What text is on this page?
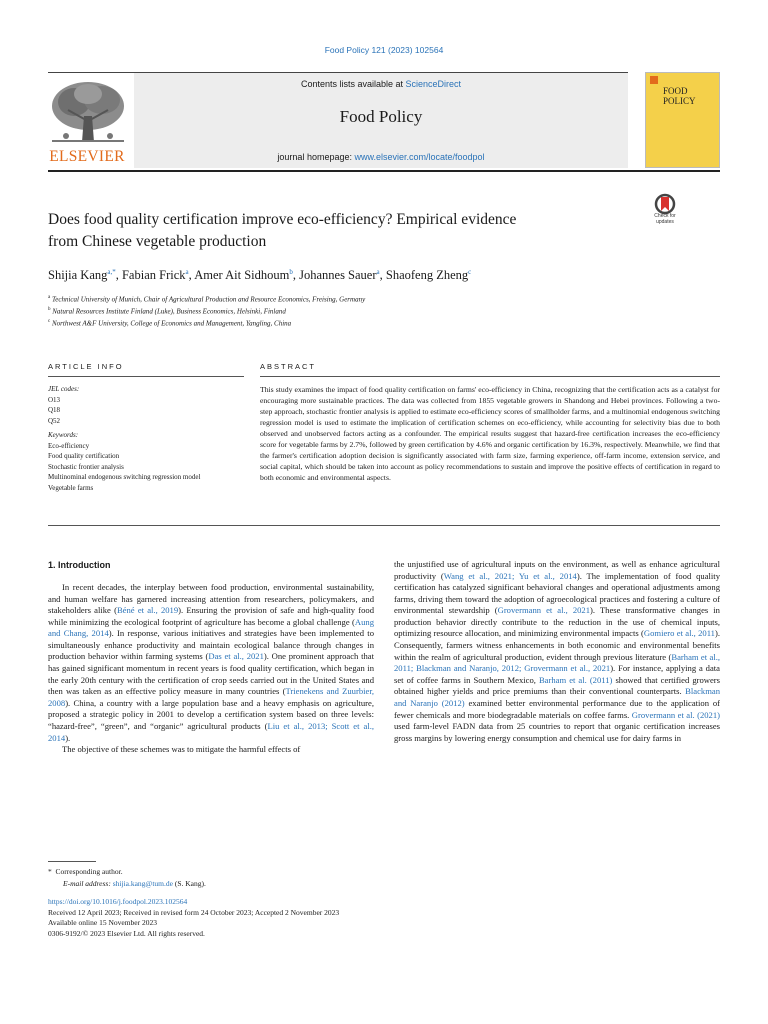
Food Policy 121 (2023) 102564
Contents lists available at ScienceDirect
Food Policy
journal homepage: www.elsevier.com/locate/foodpol
ELSEVIER
FOOD
POLICY
Does food quality certification improve eco-efficiency? Empirical evidence
from Chinese vegetable production
Check for
updates
Shijia Kang$^{a,*}$, Fabian Frick$^a$, Amer Ait Sidhoum$^b$, Johannes Sauer$^a$, Shaofeng Zheng$^c$
$^a$ Technical University of Munich, Chair of Agricultural Production and Resource Economics, Freising, Germany
$^b$ Natural Resources Institute Finland (Luke), Business Economics, Helsinki, Finland
$^c$ Northwest A&F University, College of Economics and Management, Yangling, China
ARTICLE INFO	ABSTRACT
JEL codes:
O13
Q18
Q52
Keywords:
Eco-efficiency
Food quality certification
Stochastic frontier analysis
Multinominal endogenous switching regression model
Vegetable farms
This study examines the impact of food quality certification on farms' eco-efficiency in China, recognizing that the certification acts as a catalyst for encouraging more sustainable practices. The data was collected from 1855 vegetable growers in Shandong and Hebei provinces. Following a two-step approach, stochastic frontier analysis is applied to estimate eco-efficiency scores of smallholder farms, and a multinomial endogenous switching regression model is used to estimate the implication of certification schemes on eco-efficiency, while accounting for selectivity bias due to both observed and unobserved factors acting as a confounder. The empirical results suggest that hazard-free certification increases the eco-efficiency score for vegetable farms by 2.7%, followed by green certification by 4.6% and organic certification by 16.3%, respectively. Meanwhile, we find that the farmer's certification adoption decision is significantly associated with farm size, farming experience, off-farm income, extension service, and social capital, which should be taken into account as policy recommendations to sustain and improve the positive effects of certification in regard to both economic and environmental aspects.
1. Introduction

In recent decades, the interplay between food production, environmental sustainability, and human welfare has garnered increasing attention from researchers, policymakers, and stakeholders alike (Béné et al., 2019). Ensuring the provision of safe and high-quality food while minimizing the ecological footprint of agriculture has become a global challenge (Aung and Chang, 2014). In response, various initiatives and strategies have been implemented to simultaneously enhance productivity and maintain ecological balance through changes in production behavior within farming systems (Das et al., 2021). One prominent approach that has gained significant momentum in recent years is food quality certification, which began in the early 20th century with the certification of crop seeds carried out in the United States and then was taken as an effective policy measure in many countries (Trienekens and Zuurbier, 2008). China, a country with a large population base and a heavy emphasis on agriculture, proposed a strategic policy in 2001 to develop a certification system based on three levels: “hazard-free”, “green”, and “organic” agricultural products (Liu et al., 2013; Scott et al., 2014).

The objective of these schemes was to mitigate the harmful effects of

the unjustified use of agricultural inputs on the environment, as well as enhance agricultural productivity (Wang et al., 2021; Yu et al., 2014). The implementation of food quality certification has catalyzed significant behavioral changes and operational adjustments among farms, driving them toward the adoption of agroecological practices and fostering a culture of environmental stewardship (Grovermann et al., 2021). These transformative changes in production behavior directly contribute to the reduction in the use of chemical inputs, optimizing resource allocation, and minimizing environmental impacts (Gomiero et al., 2011). Consequently, farmers witness enhancements in both economic and environmental benefits within the realm of agricultural production, evident through previous literature (Barham et al., 2011; Blackman and Naranjo, 2012; Grovermann et al., 2021). For instance, applying a data set of coffee farms in Southern Mexico, Barham et al. (2011) showed that certified growers obtained higher yields and price premiums than their conventional counterparts. Blackman and Naranjo (2012) examined better environmental performance due to the application of fewer chemicals and more biodegradable materials on coffee farms. Grovermann et al. (2021) used farm-level FADN data from 25 countries to report that organic certification increases gross margins by lowering energy consumption and chemical use for dairy farms in

* Corresponding author.
E-mail address: shijia.kang@tum.de (S. Kang).
https://doi.org/10.1016/j.foodpol.2023.102564
Received 12 April 2023; Received in revised form 24 October 2023; Accepted 2 November 2023
Available online 15 November 2023
0306-9192/© 2023 Elsevier Ltd. All rights reserved.
